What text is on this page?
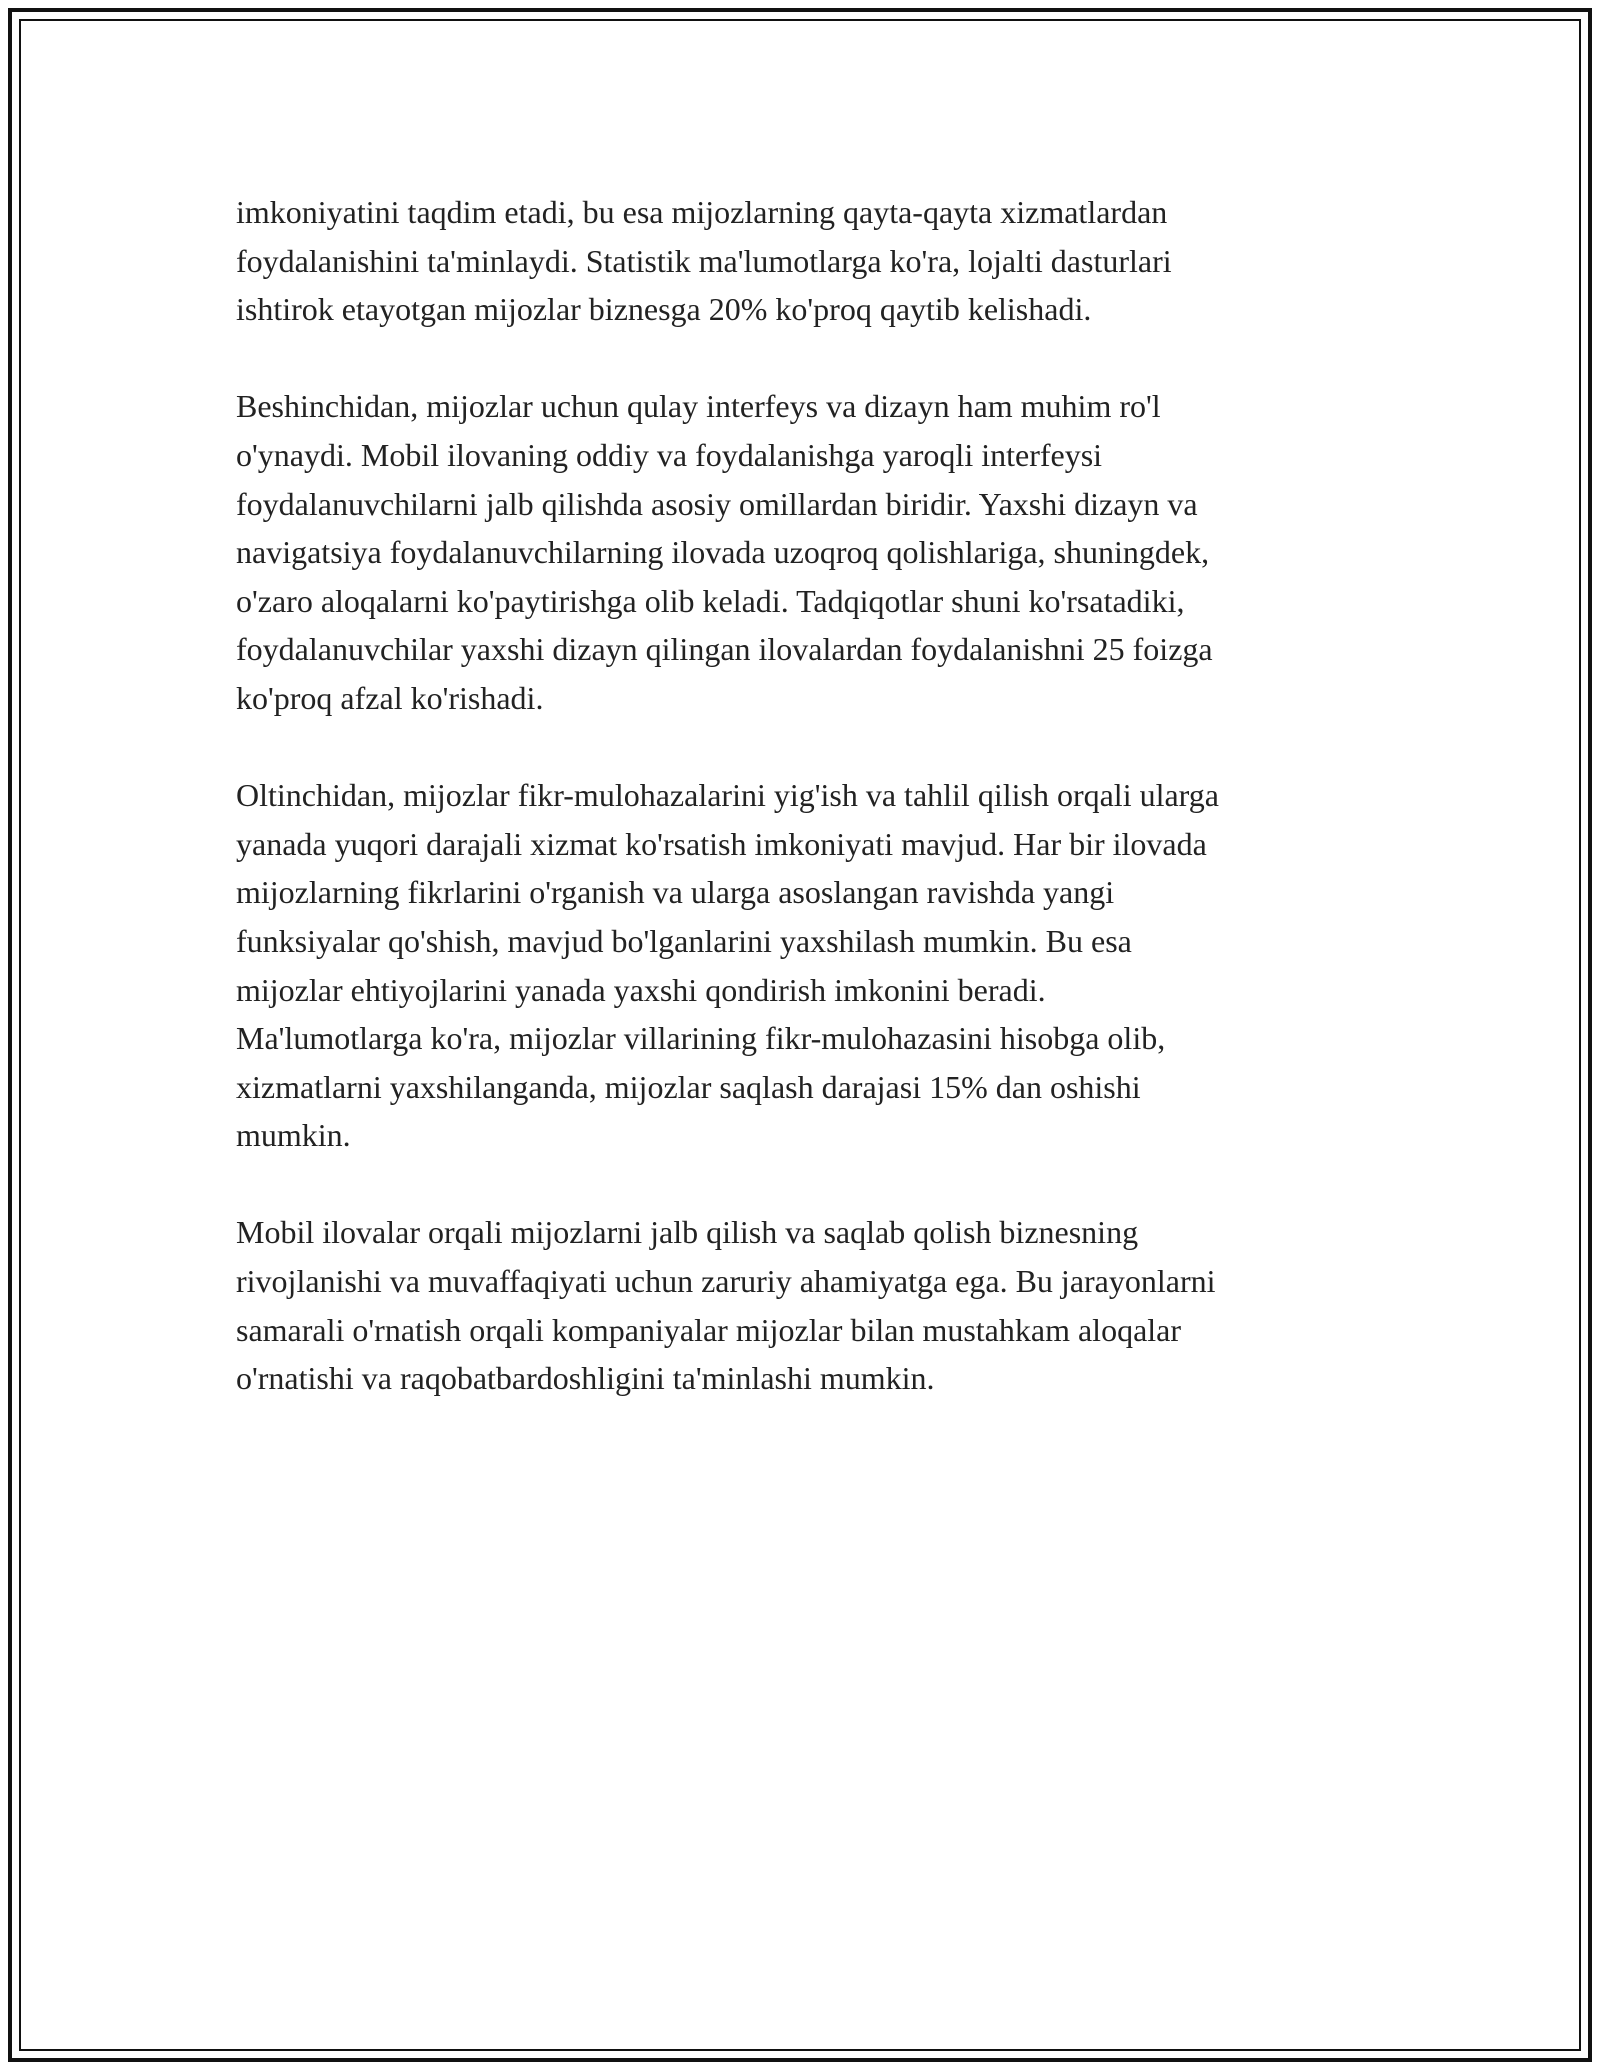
imkoniyatini taqdim etadi, bu esa mijozlarning qayta-qayta xizmatlardan
foydalanishini ta'minlaydi. Statistik ma'lumotlarga ko'ra, lojalti dasturlari
ishtirok etayotgan mijozlar biznesga 20% ko'proq qaytib kelishadi.

Beshinchidan, mijozlar uchun qulay interfeys va dizayn ham muhim ro'l
o'ynaydi. Mobil ilovaning oddiy va foydalanishga yaroqli interfeysi
foydalanuvchilarni jalb qilishda asosiy omillardan biridir. Yaxshi dizayn va
navigatsiya foydalanuvchilarning ilovada uzoqroq qolishlariga, shuningdek,
o'zaro aloqalarni ko'paytirishga olib keladi. Tadqiqotlar shuni ko'rsatadiki,
foydalanuvchilar yaxshi dizayn qilingan ilovalardan foydalanishni 25 foizga
ko'proq afzal ko'rishadi.

Oltinchidan, mijozlar fikr-mulohazalarini yig'ish va tahlil qilish orqali ularga
yanada yuqori darajali xizmat ko'rsatish imkoniyati mavjud. Har bir ilovada
mijozlarning fikrlarini o'rganish va ularga asoslangan ravishda yangi
funksiyalar qo'shish, mavjud bo'lganlarini yaxshilash mumkin. Bu esa
mijozlar ehtiyojlarini yanada yaxshi qondirish imkonini beradi.
Ma'lumotlarga ko'ra, mijozlar villarining fikr-mulohazasini hisobga olib,
xizmatlarni yaxshilanganda, mijozlar saqlash darajasi 15% dan oshishi
mumkin.

Mobil ilovalar orqali mijozlarni jalb qilish va saqlab qolish biznesning
rivojlanishi va muvaffaqiyati uchun zaruriy ahamiyatga ega. Bu jarayonlarni
samarali o'rnatish orqali kompaniyalar mijozlar bilan mustahkam aloqalar
o'rnatishi va raqobatbardoshligini ta'minlashi mumkin.
